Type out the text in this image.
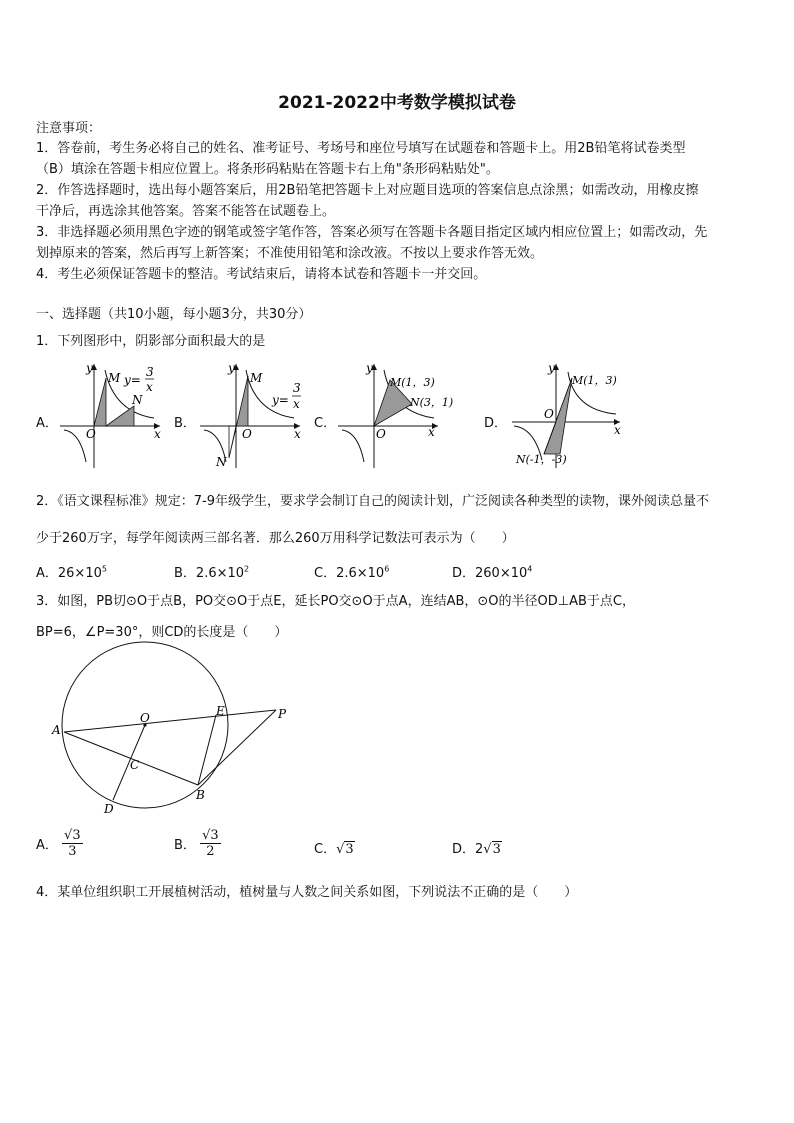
2021-2022中考数学模拟试卷
注意事项：
1．答卷前，考生务必将自己的姓名、准考证号、考场号和座位号填写在试题卷和答题卡上。用2B铅笔将试卷类型
（B）填涂在答题卡相应位置上。将条形码粘贴在答题卡右上角"条形码粘贴处"。
2．作答选择题时，选出每小题答案后，用2B铅笔把答题卡上对应题目选项的答案信息点涂黑；如需改动，用橡皮擦
干净后，再选涂其他答案。答案不能答在试题卷上。
3．非选择题必须用黑色字迹的钢笔或签字笔作答，答案必须写在答题卡各题目指定区域内相应位置上；如需改动，先
划掉原来的答案，然后再写上新答案；不准使用铅笔和涂改液。不按以上要求作答无效。
4．考生必须保证答题卡的整洁。考试结束后，请将本试卷和答题卡一并交回。
一、选择题（共10小题，每小题3分，共30分）
1．下列图形中，阴影部分面积最大的是
A．	B．	C．	D．
y
x
O
M
N
y=
3
x
y
x
O
M
N
y=
3
x
y
x
O
M(1，3)
N(3，1)
y
x
O
M(1，3)
N(-1，-3)
2．《语文课程标准》规定：7-9年级学生，要求学会制订自己的阅读计划，广泛阅读各种类型的读物，课外阅读总量不
少于260万字，每学年阅读两三部名著．那么260万用科学记数法可表示为（　　）
A．$26\times 10^5$	B．$2.6\times 10^2$	C．$2.6\times 10^6$	D．$260\times 10^4$
3．如图，PB切⊙O于点B，PO交⊙O于点E，延长PO交⊙O于点A，连结AB，⊙O的半径OD⊥AB于点C，
BP=6，∠P=30°，则CD的长度是（　　）
A
O	E	P
C
B
D
A． $\frac{√3}{3}$	B． $\frac{√3}{2}$	C．√3	D．2√3
4．某单位组织职工开展植树活动，植树量与人数之间关系如图，下列说法不正确的是（　　）
